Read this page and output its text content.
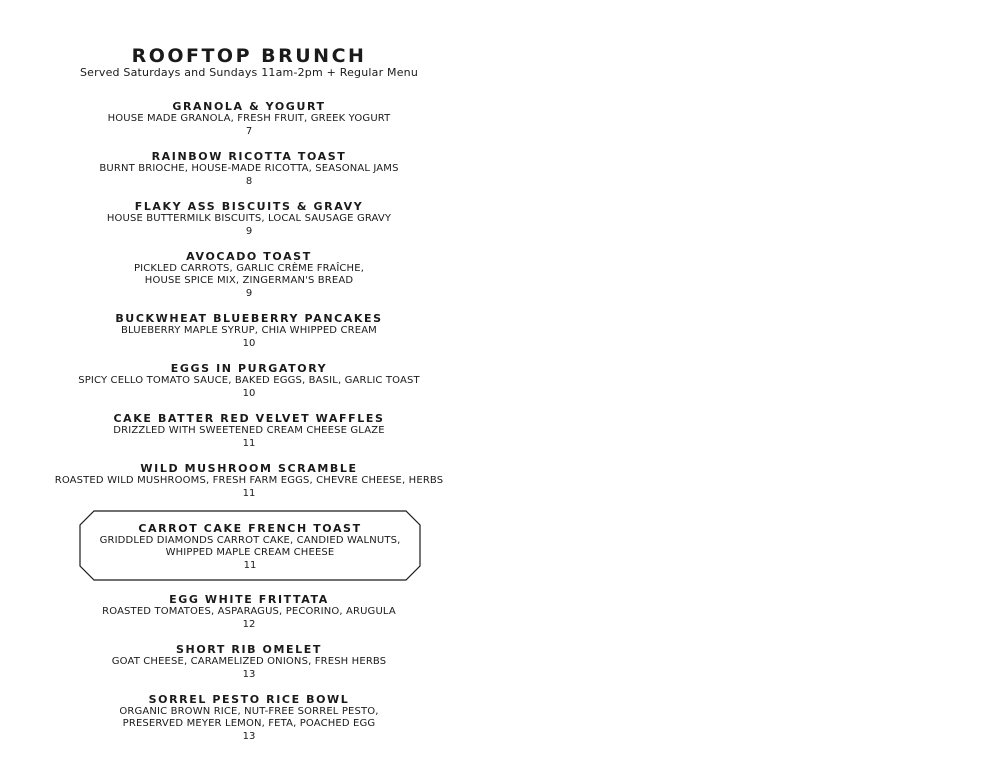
ROOFTOP BRUNCH
Served Saturdays and Sundays 11am-2pm + Regular Menu

GRANOLA & YOGURT

HOUSE MADE GRANOLA, FRESH FRUIT, GREEK YOGURT

7

RAINBOW RICOTTA TOAST

BURNT BRIOCHE, HOUSE-MADE RICOTTA, SEASONAL JAMS

8

FLAKY ASS BISCUITS & GRAVY

HOUSE BUTTERMILK BISCUITS, LOCAL SAUSAGE GRAVY

9

AVOCADO TOAST

PICKLED CARROTS, GARLIC CRÈME FRAÎCHE,

HOUSE SPICE MIX, ZINGERMAN'S BREAD

9

BUCKWHEAT BLUEBERRY PANCAKES

BLUEBERRY MAPLE SYRUP, CHIA WHIPPED CREAM

10

EGGS IN PURGATORY

SPICY CELLO TOMATO SAUCE, BAKED EGGS, BASIL, GARLIC TOAST

10

CAKE BATTER RED VELVET WAFFLES

DRIZZLED WITH SWEETENED CREAM CHEESE GLAZE

11

WILD MUSHROOM SCRAMBLE

ROASTED WILD MUSHROOMS, FRESH FARM EGGS, CHEVRE CHEESE, HERBS

11

CARROT CAKE FRENCH TOAST

GRIDDLED DIAMONDS CARROT CAKE, CANDIED WALNUTS,

WHIPPED MAPLE CREAM CHEESE

11

EGG WHITE FRITTATA

ROASTED TOMATOES, ASPARAGUS, PECORINO, ARUGULA

12

SHORT RIB OMELET

GOAT CHEESE, CARAMELIZED ONIONS, FRESH HERBS

13

SORREL PESTO RICE BOWL

ORGANIC BROWN RICE, NUT-FREE SORREL PESTO,

PRESERVED MEYER LEMON, FETA, POACHED EGG

13
